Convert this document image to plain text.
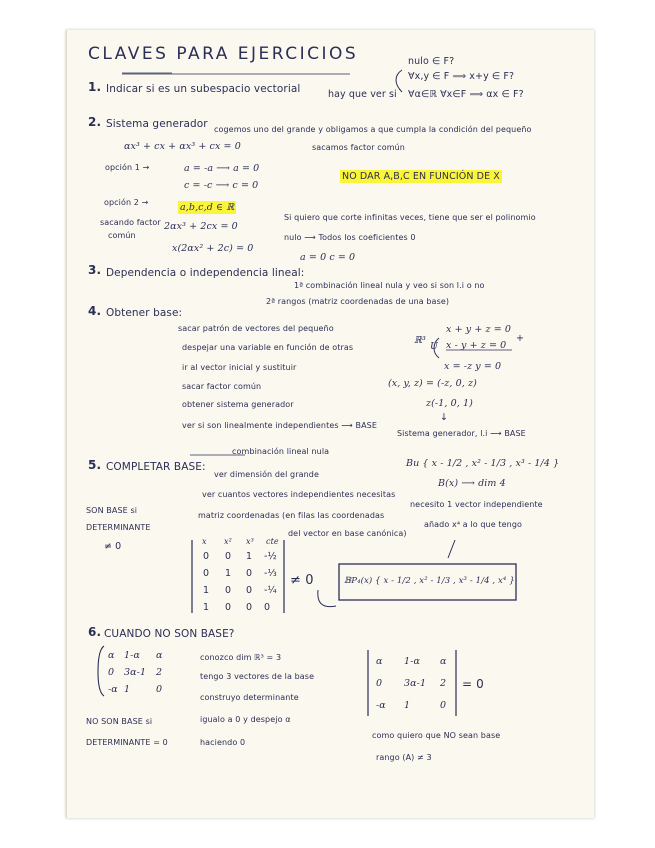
CLAVES PARA EJERCICIOS	nulo ∈ F?
∀x,y ∈ F ⟹ x+y ∈ F?
∀α∈ℝ ∀x∈F ⟹ αx ∈ F?
1. Indicar si es un subespacio vectorial	hay que ver si
2. Sistema generador cogemos uno del grande y obligamos a que cumpla la condición del pequeño
sacamos factor común
αx³ + cx + αx³ + cx = 0
opción 1 →	a = -a ⟶ a = 0
c = -c ⟶ c = 0
NO DAR A,B,C EN FUNCIÓN DE X
opción 2 →	a,b,c,d ∈ ℝ
sacando factor
común
2αx³ + 2cx = 0
x(2αx² + 2c) = 0
Si quiero que corte infinitas veces, tiene que ser el polinomio
nulo ⟶ Todos los coeficientes 0
a = 0 c = 0
3. Dependencia o independencia lineal:
1ª combinación lineal nula y veo si son l.i o no
2ª rangos (matriz coordenadas de una base)
4. Obtener base:
sacar patrón de vectores del pequeño
despejar una variable en función de otras
ir al vector inicial y sustituir
sacar factor común
obtener sistema generador
ver si son linealmente independientes ⟶ BASE
combinación lineal nula
ℝ³
U
x + y + z = 0
x - y + z = 0
+
x = -z y = 0
(x, y, z) = (-z, 0, z)
z(-1, 0, 1)
↓
Sistema generador, l.i ⟶ BASE
5. COMPLETAR BASE:
ver dimensión del grande
ver cuantos vectores independientes necesitas
matriz coordenadas (en filas las coordenadas
del vector en base canónica)
SON BASE si
DETERMINANTE
≠ 0
Bu { x - 1/2 , x² - 1/3 , x³ - 1/4 }
B(x) ⟶ dim 4
necesito 1 vector independiente
añado x⁴ a lo que tengo
x x² x³ cte
0 0 1 -½
0 1 0 -⅓
1 0 0 -¼
1 0 0 0
≠ 0	𝔹P₄(x) { x - 1/2 , x² - 1/3 , x³ - 1/4 , x⁴ }
6. CUANDO NO SON BASE?
α 1-α α
0 3α-1 2
-α 1	0
conozco dim ℝ³ = 3
tengo 3 vectores de la base
construyo determinante
igualo a 0 y despejo α
haciendo 0
NO SON BASE si
DETERMINANTE = 0
α 1-α α
0 3α-1 2
-α 1	0
= 0
como quiero que NO sean base
rango (A) ≠ 3
